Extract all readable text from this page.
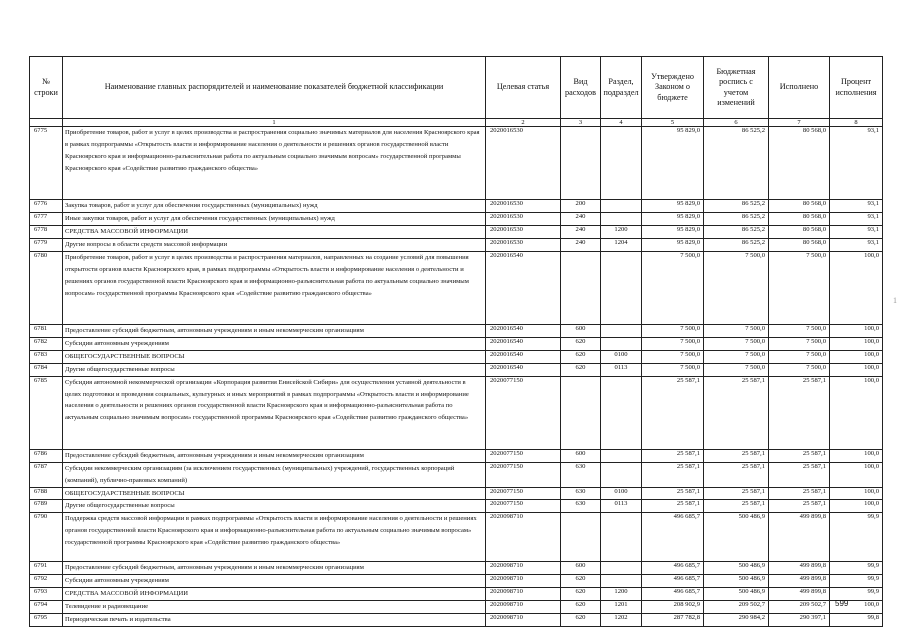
№ строки	Наименование главных распорядителей и наименование показателей бюджетной классификации	Целевая статья	Вид расходов	Раздел, подраздел	Утверждено Законом о бюджете	Бюджетная роспись с учетом изменений	Исполнено	Процент исполнения
	1	2	3	4	5	6	7	8
6775	Приобретение товаров, работ и услуг в целях производства и распространения социально значимых материалов для населения Красноярского края в рамках подпрограммы «Открытость власти и информирование населения о деятельности и решениях органов государственной власти Красноярского края и информационно-разъяснительная работа по актуальным социально значимым вопросам» государственной программы Красноярского края «Содействие развитию гражданского общества»	2020016530			95 829,0	86 525,2	80 568,0	93,1
6776	Закупка товаров, работ и услуг для обеспечения государственных (муниципальных) нужд	2020016530	200		95 829,0	86 525,2	80 568,0	93,1
6777	Иные закупки товаров, работ и услуг для обеспечения государственных (муниципальных) нужд	2020016530	240		95 829,0	86 525,2	80 568,0	93,1
6778	СРЕДСТВА МАССОВОЙ ИНФОРМАЦИИ	2020016530	240	1200	95 829,0	86 525,2	80 568,0	93,1
6779	Другие вопросы в области средств массовой информации	2020016530	240	1204	95 829,0	86 525,2	80 568,0	93,1
6780	Приобретение товаров, работ и услуг в целях производства и распространения материалов, направленных на создание условий для повышения открытости органов власти Красноярского края, в рамках подпрограммы «Открытость власти и информирование населения о деятельности и решениях органов государственной власти Красноярского края и информационно-разъяснительная работа по актуальным социально значимым вопросам» государственной программы Красноярского края «Содействие развитию гражданского общества»	2020016540			7 500,0	7 500,0	7 500,0	100,0
6781	Предоставление субсидий бюджетным, автономным учреждениям и иным некоммерческим организациям	2020016540	600		7 500,0	7 500,0	7 500,0	100,0
6782	Субсидии автономным учреждениям	2020016540	620		7 500,0	7 500,0	7 500,0	100,0
6783	ОБЩЕГОСУДАРСТВЕННЫЕ ВОПРОСЫ	2020016540	620	0100	7 500,0	7 500,0	7 500,0	100,0
6784	Другие общегосударственные вопросы	2020016540	620	0113	7 500,0	7 500,0	7 500,0	100,0
6785	Субсидия автономной некоммерческой организации «Корпорация развития Енисейской Сибири» для осуществления уставной деятельности в целях подготовки и проведения социальных, культурных и иных мероприятий в рамках подпрограммы «Открытость власти и информирование населения о деятельности и решениях органов государственной власти Красноярского края и информационно-разъяснительная работа по актуальным социально значимым вопросам» государственной программы Красноярского края «Содействие развитию гражданского общества»	2020077150			25 587,1	25 587,1	25 587,1	100,0
6786	Предоставление субсидий бюджетным, автономным учреждениям и иным некоммерческим организациям	2020077150	600		25 587,1	25 587,1	25 587,1	100,0
6787	Субсидии некоммерческим организациям (за исключением государственных (муниципальных) учреждений, государственных корпораций (компаний), публично-правовых компаний)	2020077150	630		25 587,1	25 587,1	25 587,1	100,0
6788	ОБЩЕГОСУДАРСТВЕННЫЕ ВОПРОСЫ	2020077150	630	0100	25 587,1	25 587,1	25 587,1	100,0
6789	Другие общегосударственные вопросы	2020077150	630	0113	25 587,1	25 587,1	25 587,1	100,0
6790	Поддержка средств массовой информации в рамках подпрограммы «Открытость власти и информирование населения о деятельности и решениях органов государственной власти Красноярского края и информационно-разъяснительная работа по актуальным социально значимым вопросам» государственной программы Красноярского края «Содействие развитию гражданского общества»	2020098710			496 685,7	500 486,9	499 899,8	99,9
6791	Предоставление субсидий бюджетным, автономным учреждениям и иным некоммерческим организациям	2020098710	600		496 685,7	500 486,9	499 899,8	99,9
6792	Субсидии автономным учреждениям	2020098710	620		496 685,7	500 486,9	499 899,8	99,9
6793	СРЕДСТВА МАССОВОЙ ИНФОРМАЦИИ	2020098710	620	1200	496 685,7	500 486,9	499 899,8	99,9
6794	Телевидение и радиовещание	2020098710	620	1201	208 902,9	209 502,7	209 502,7	100,0
6795	Периодическая печать и издательства	2020098710	620	1202	287 782,8	290 984,2	290 397,1	99,8
599
1
